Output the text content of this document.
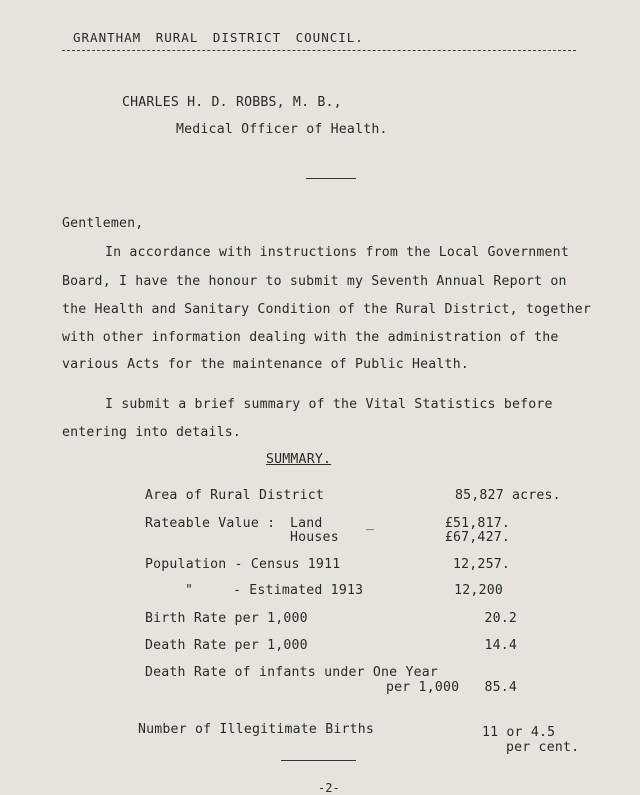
GRANTHAM RURAL DISTRICT COUNCIL.
CHARLES H. D. ROBBS, M. B.,
Medical Officer of Health.
Gentlemen,
In accordance with instructions from the Local Government
Board, I have the honour to submit my Seventh Annual Report on
the Health and Sanitary Condition of the Rural District, together
with other information dealing with the administration of the
various Acts for the maintenance of Public Health.
I submit a brief summary of the Vital Statistics before
entering into details.
SUMMARY.
Area of Rural District	85,827 acres.
Rateable Value : Land	_	£51,817.
Houses	£67,427.
Population - Census 1911	12,257.
"	- Estimated 1913	12,200
Birth Rate per 1,000	20.2
Death Rate per 1,000	14.4
Death Rate of infants under One Year
per 1,000 85.4
Number of Illegitimate Births	11 or 4.5
per cent.
-2-
